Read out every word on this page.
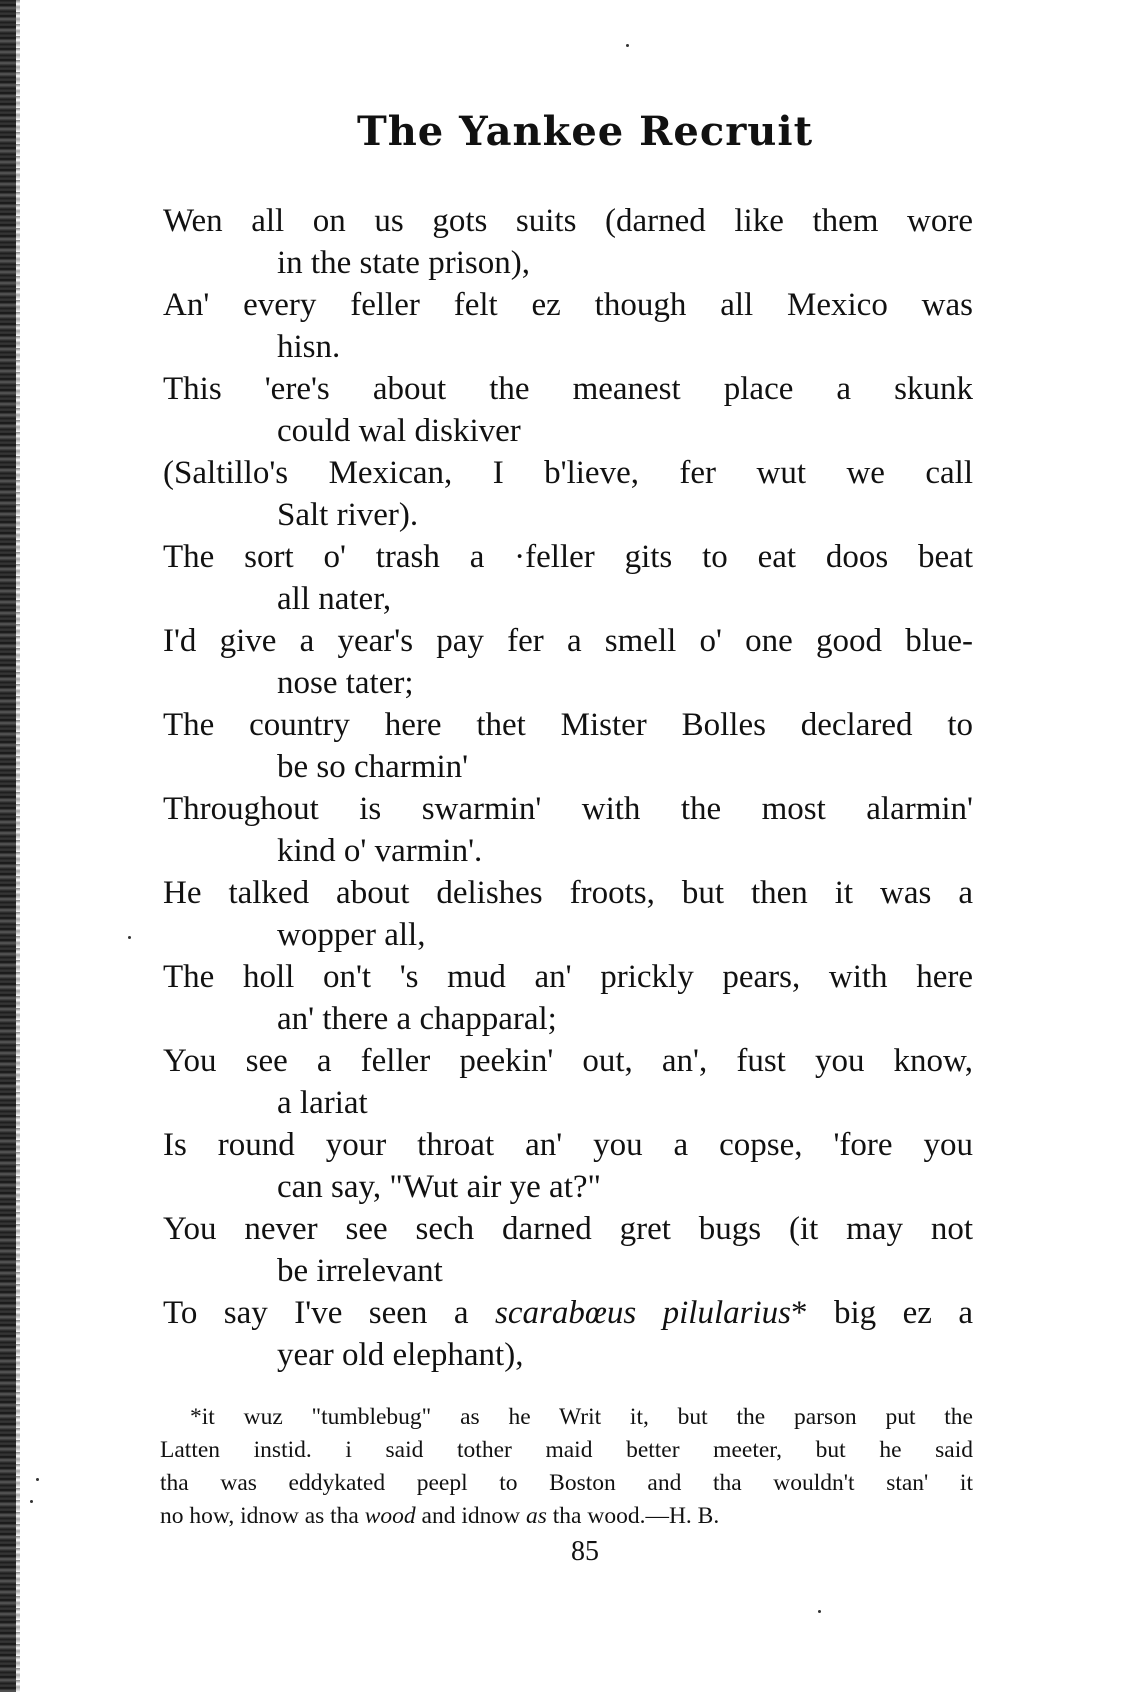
The Yankee Recruit
Wen all on us gots suits (darned like them wore
in the state prison),
An' every feller felt ez though all Mexico was
hisn.
This 'ere's about the meanest place a skunk
could wal diskiver
(Saltillo's Mexican, I b'lieve, fer wut we call
Salt river).
The sort o' trash a ·feller gits to eat doos beat
all nater,
I'd give a year's pay fer a smell o' one good blue-
nose tater;
The country here thet Mister Bolles declared to
be so charmin'
Throughout is swarmin' with the most alarmin'
kind o' varmin'.
He talked about delishes froots, but then it was a
wopper all,
The holl on't 's mud an' prickly pears, with here
an' there a chapparal;
You see a feller peekin' out, an', fust you know,
a lariat
Is round your throat an' you a copse, 'fore you
can say, "Wut air ye at?"
You never see sech darned gret bugs (it may not
be irrelevant
To say I've seen a scarabœus pilularius* big ez a
year old elephant),
*it wuz "tumblebug" as he Writ it, but the parson put the
Latten instid. i said tother maid better meeter, but he said
tha was eddykated peepl to Boston and tha wouldn't stan' it
no how, idnow as tha wood and idnow as tha wood.—H. B.
85
